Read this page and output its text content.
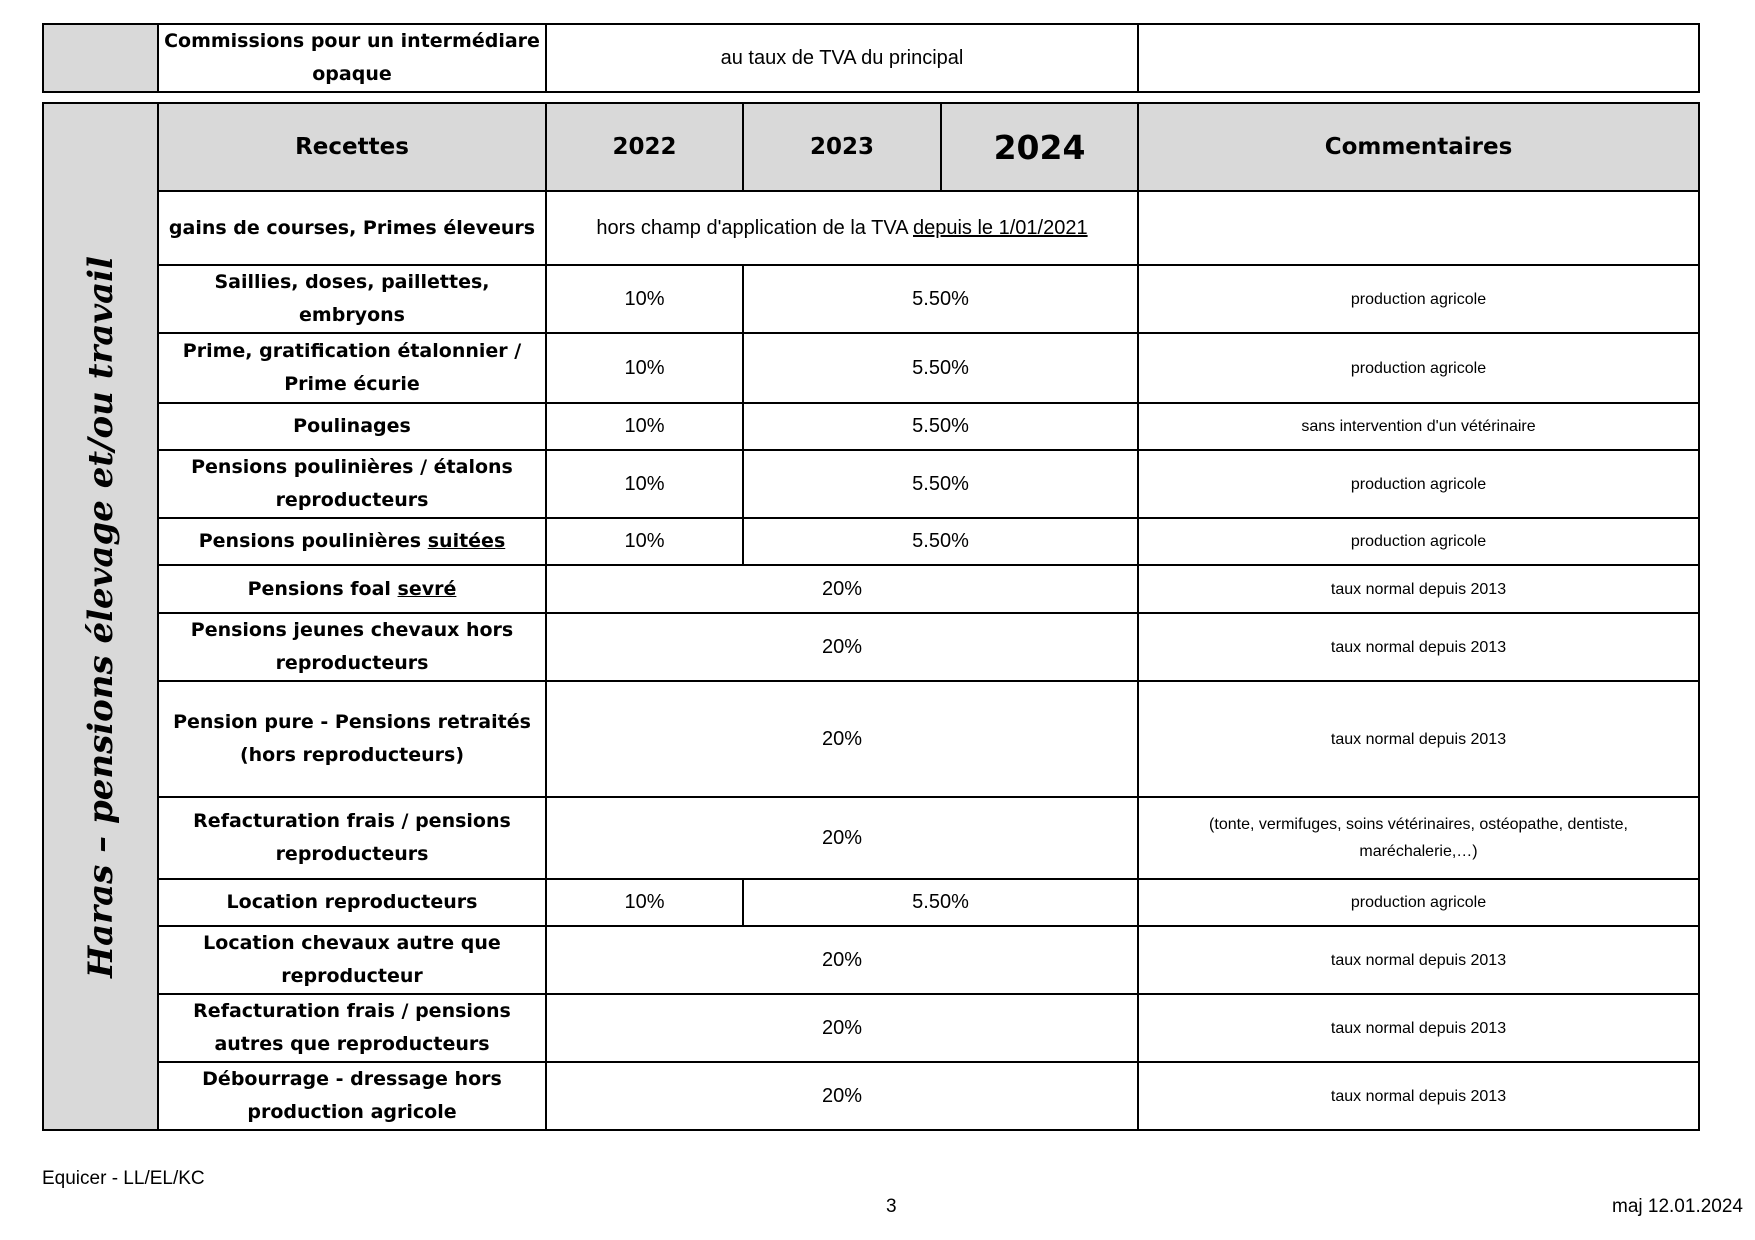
	Commissions pour un intermédiare opaque	au taux de TVA du principal	
Haras – pensions élevage et/ou travail	Recettes	2022	2023	2024	Commentaires
	gains de courses, Primes éleveurs	hors champ d'application de la TVA depuis le 1/01/2021			
	Saillies, doses, paillettes, embryons	10%	5.50%		production agricole
	Prime, gratification étalonnier / Prime écurie	10%	5.50%		production agricole
	Poulinages	10%	5.50%		sans intervention d'un vétérinaire
	Pensions poulinières / étalons reproducteurs	10%	5.50%		production agricole
	Pensions poulinières suitées	10%	5.50%		production agricole
	Pensions foal sevré	20%			taux normal depuis 2013
	Pensions jeunes chevaux hors reproducteurs	20%			taux normal depuis 2013
	Pension pure - Pensions retraités (hors reproducteurs)	20%			taux normal depuis 2013
	Refacturation frais / pensions reproducteurs	20%			(tonte, vermifuges, soins vétérinaires, ostéopathe, dentiste, maréchalerie,…)
	Location reproducteurs	10%	5.50%		production agricole
	Location chevaux autre que reproducteur	20%			taux normal depuis 2013
	Refacturation frais / pensions autres que reproducteurs	20%			taux normal depuis 2013
	Débourrage - dressage hors production agricole	20%			taux normal depuis 2013
Equicer - LL/EL/KC
3	maj 12.01.2024
